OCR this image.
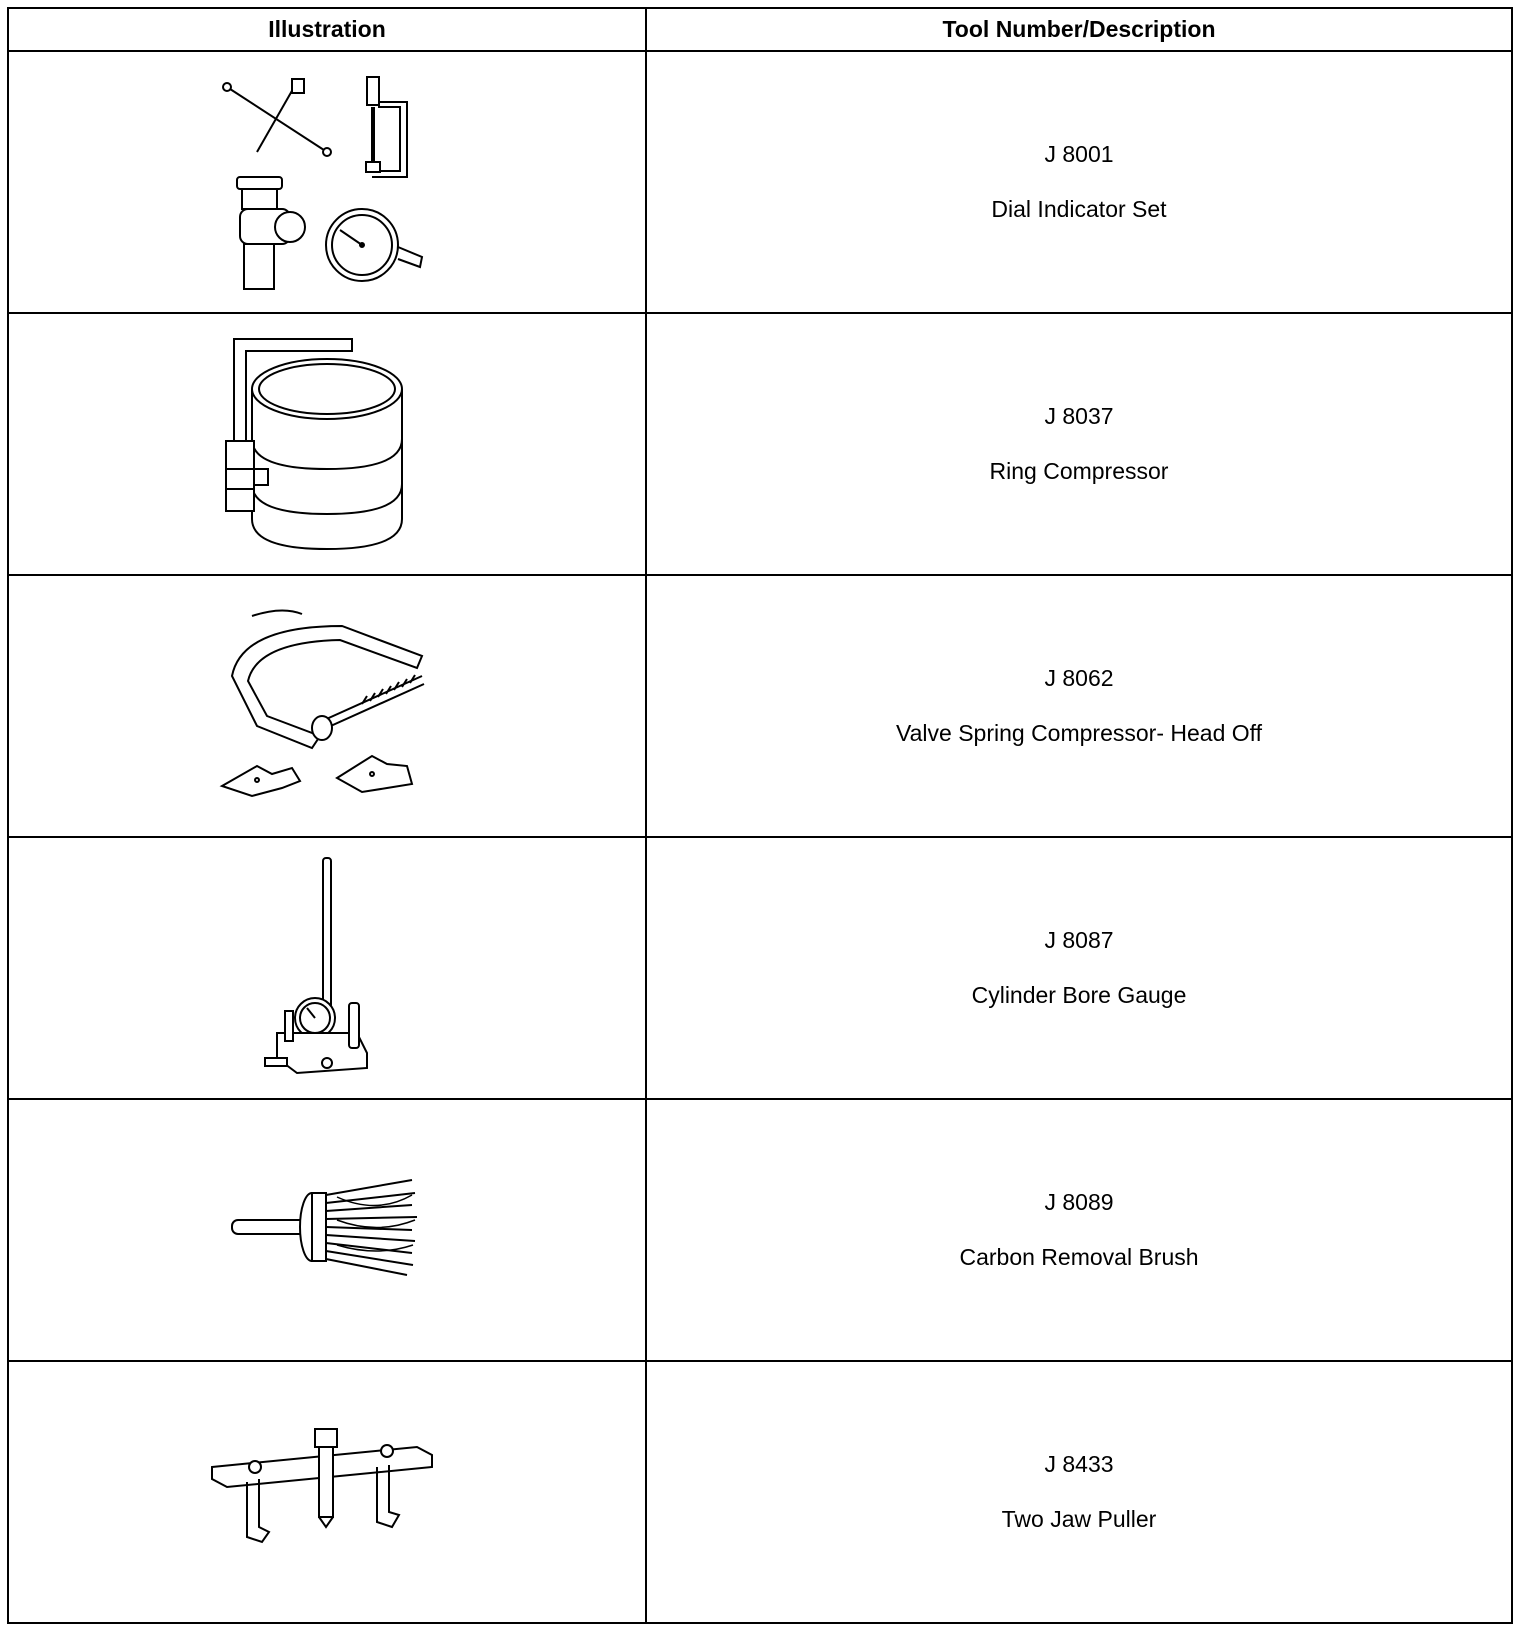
Illustration	Tool Number/Description

J 8001
Dial Indicator Set

J 8037
Ring Compressor

J 8062
Valve Spring Compressor- Head Off

J 8087
Cylinder Bore Gauge

J 8089
Carbon Removal Brush

J 8433
Two Jaw Puller
